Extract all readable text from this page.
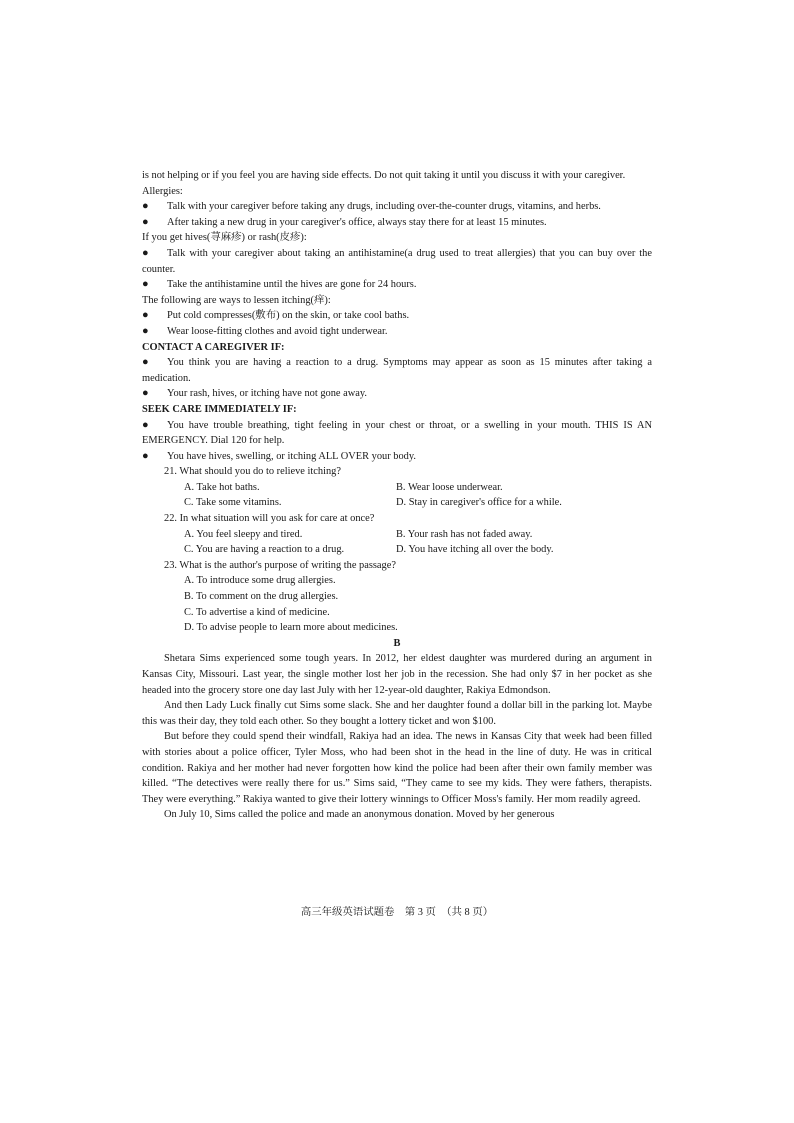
is not helping or if you feel you are having side effects. Do not quit taking it until you discuss it with your caregiver.

Allergies:

● Talk with your caregiver before taking any drugs, including over-the-counter drugs, vitamins, and herbs.
●	After taking a new drug in your caregiver's office, always stay there for at least 15 minutes.

If you get hives(荨麻疹) or rash(皮疹):

● Talk with your caregiver about taking an antihistamine(a drug used to treat allergies) that you can buy over the counter.
●	Take the antihistamine until the hives are gone for 24 hours.

The following are ways to lessen itching(痒):

●	Put cold compresses(敷布) on the skin, or take cool baths.
●	Wear loose-fitting clothes and avoid tight underwear.

CONTACT A CAREGIVER IF:

● You think you are having a reaction to a drug. Symptoms may appear as soon as 15 minutes after taking a medication.
●	Your rash, hives, or itching have not gone away.

SEEK CARE IMMEDIATELY IF:

● You have trouble breathing, tight feeling in your chest or throat, or a swelling in your mouth. THIS IS AN EMERGENCY. Dial 120 for help.
●	You have hives, swelling, or itching ALL OVER your body.

21. What should you do to relieve itching?

A. Take hot baths.	B. Wear loose underwear.
C. Take some vitamins.	D. Stay in caregiver's office for a while.

22. In what situation will you ask for care at once?

A. You feel sleepy and tired.	B. Your rash has not faded away.
C. You are having a reaction to a drug.	D. You have itching all over the body.

23. What is the author's purpose of writing the passage?

A. To introduce some drug allergies.

B. To comment on the drug allergies.

C. To advertise a kind of medicine.

D. To advise people to learn more about medicines.

B

Shetara Sims experienced some tough years. In 2012, her eldest daughter was murdered during an argument in Kansas City, Missouri. Last year, the single mother lost her job in the recession. She had only $7 in her pocket as she headed into the grocery store one day last July with her 12-year-old daughter, Rakiya Edmondson.

And then Lady Luck finally cut Sims some slack. She and her daughter found a dollar bill in the parking lot. Maybe this was their day, they told each other. So they bought a lottery ticket and won $100.

But before they could spend their windfall, Rakiya had an idea. The news in Kansas City that week had been filled with stories about a police officer, Tyler Moss, who had been shot in the head in the line of duty. He was in critical condition. Rakiya and her mother had never forgotten how kind the police had been after their own family member was killed. “The detectives were really there for us.” Sims said, “They came to see my kids. They were fathers, therapists. They were everything.” Rakiya wanted to give their lottery winnings to Officer Moss's family. Her mom readily agreed.

On July 10, Sims called the police and made an anonymous donation. Moved by her generous

高三年级英语试题卷　第 3 页　（共 8 页）
